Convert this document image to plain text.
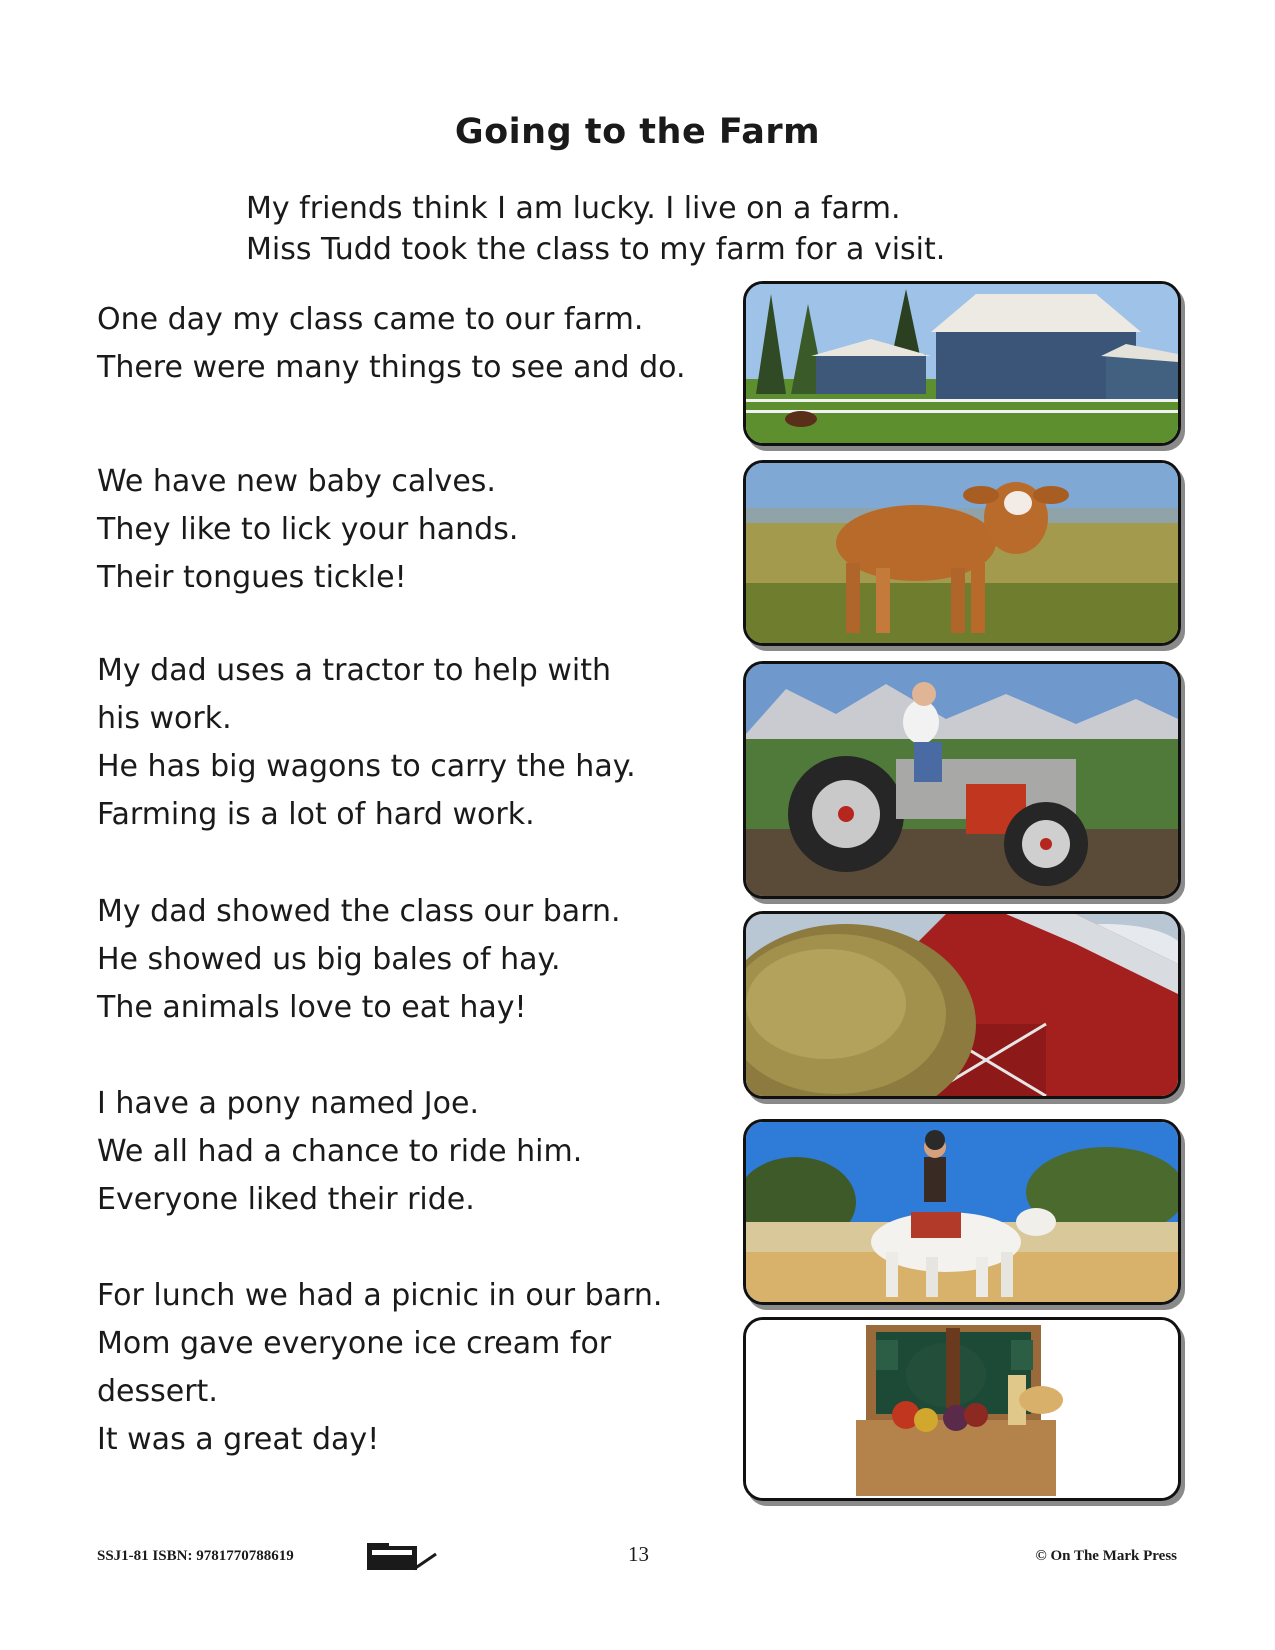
Going to the Farm
My friends think I am lucky. I live on a farm.
Miss Tudd took the class to my farm for a visit.
One day my class came to our farm.
There were many things to see and do.
We have new baby calves.
They like to lick your hands.
Their tongues tickle!
My dad uses a tractor to help with
his work.
He has big wagons to carry the hay.
Farming is a lot of hard work.
My dad showed the class our barn.
He showed us big bales of hay.
The animals love to eat hay!
I have a pony named Joe.
We all had a chance to ride him.
Everyone liked their ride.
For lunch we had a picnic in our barn.
Mom gave everyone ice cream for
dessert.
It was a great day!
SSJ1-81 ISBN: 9781770788619	13	© On The Mark Press
